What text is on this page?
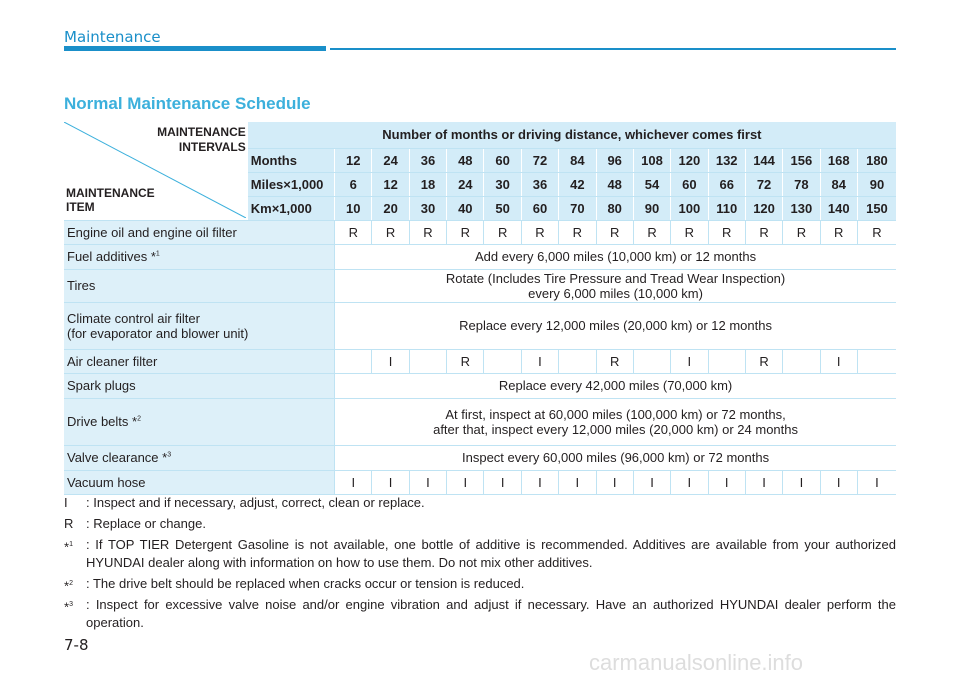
Maintenance
Normal Maintenance Schedule
MAINTENANCE
INTERVALS
MAINTENANCE
ITEM	Number of months or driving distance, whichever comes first															
	Months	12	24	36	48	60	72	84	96	108	120	132	144	156	168	180
	Miles×1,000	6	12	18	24	30	36	42	48	54	60	66	72	78	84	90
	Km×1,000	10	20	30	40	50	60	70	80	90	100	110	120	130	140	150
Engine oil and engine oil filter		R	R	R	R	R	R	R	R	R	R	R	R	R	R	R
Fuel additives *$^1$		Add every 6,000 miles (10,000 km) or 12 months														
Tires		Rotate (Includes Tire Pressure and Tread Wear Inspection)
every 6,000 miles (10,000 km)														

Climate control air filter
(for evaporator and blower unit)		Replace every 12,000 miles (20,000 km) or 12 months														
Air cleaner filter			I		R		I		R		I		R		I	
Spark plugs		Replace every 42,000 miles (70,000 km)														
Drive belts *$^2$		At first, inspect at 60,000 miles (100,000 km) or 72 months,
after that, inspect every 12,000 miles (20,000 km) or 24 months														

Valve clearance *$^3$		Inspect every 60,000 miles (96,000 km) or 72 months														
Vacuum hose		I	I	I	I	I	I	I	I	I	I	I	I	I	I	I
I : Inspect and if necessary, adjust, correct, clean or replace.
R : Replace or change.
*$^1$ : If TOP TIER Detergent Gasoline is not available, one bottle of additive is recommended. Additives are available from your authorized HYUNDAI dealer along with information on how to use them. Do not mix other additives.
*$^2$ : The drive belt should be replaced when cracks occur or tension is reduced.
*$^3$ : Inspect for excessive valve noise and/or engine vibration and adjust if necessary. Have an authorized HYUNDAI dealer perform the operation.
7-8
carmanualsonline.info
